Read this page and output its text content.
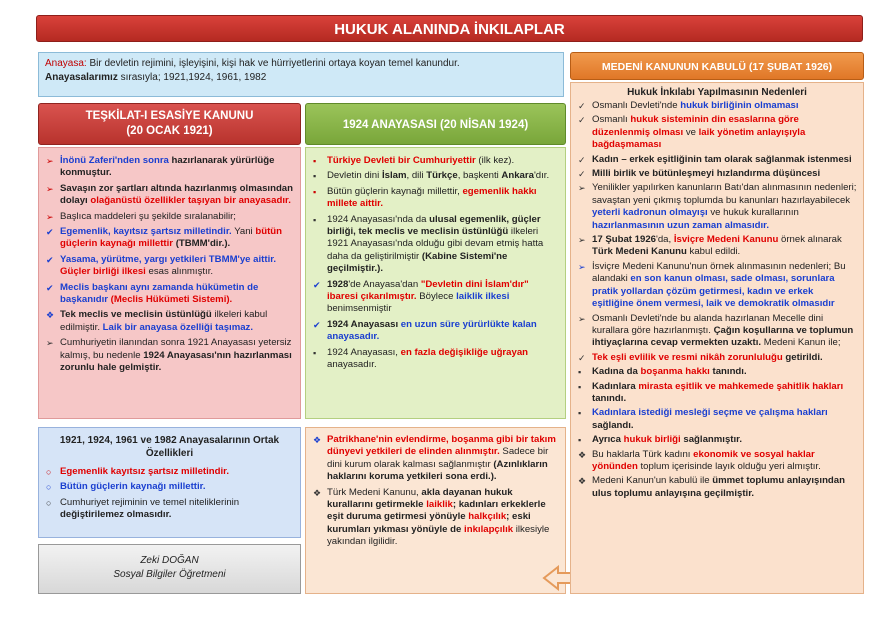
HUKUK ALANINDA İNKILAPLAR
Anayasa: Bir devletin rejimini, işleyişini, kişi hak ve hürriyetlerini ortaya koyan temel kanundur.
Anayasalarımız sırasıyla; 1921,1924, 1961, 1982
TEŞKİLAT-I ESASİYE KANUNU
(20 OCAK 1921)
➢ İnönü Zaferi'nden sonra hazırlanarak yürürlüğe konmuştur.
➢ Savaşın zor şartları altında hazırlanmış olmasından dolayı olağanüstü özellikler taşıyan bir anayasadır.
➢ Başlıca maddeleri şu şekilde sıralanabilir;
✔ Egemenlik, kayıtsız şartsız milletindir. Yani bütün güçlerin kaynağı millettir (TBMM'dir.).
✔ Yasama, yürütme, yargı yetkileri TBMM'ye aittir. Güçler birliği ilkesi esas alınmıştır.
✔ Meclis başkanı aynı zamanda hükümetin de başkanıdır (Meclis Hükümeti Sistemi).
❖ Tek meclis ve meclisin üstünlüğü ilkeleri kabul edilmiştir. Laik bir anayasa özelliği taşımaz.
➢ Cumhuriyetin ilanından sonra 1921 Anayasası yetersiz kalmış, bu nedenle 1924 Anayasası'nın hazırlanması zorunlu hale gelmiştir.
1924 ANAYASASI (20 NİSAN 1924)
▪	Türkiye Devleti bir Cumhuriyettir (ilk kez).
▪	Devletin dini İslam, dili Türkçe, başkenti Ankara'dır.
▪	Bütün güçlerin kaynağı millettir, egemenlik hakkı millete aittir.
▪	1924 Anayasası'nda da ulusal egemenlik, güçler birliği, tek meclis ve meclisin üstünlüğü ilkeleri 1921 Anayasası'nda olduğu gibi devam etmiş hatta daha da geliştirilmiştir (Kabine Sistemi'ne geçilmiştir.).
✔ 1928'de Anayasa'dan "Devletin dini İslam'dır" ibaresi çıkarılmıştır. Böylece laiklik ilkesi benimsenmiştir
✔ 1924 Anayasası en uzun süre yürürlükte kalan anayasadır.
▪	1924 Anayasası, en fazla değişikliğe uğrayan anayasadır.
1921, 1924, 1961 ve 1982 Anayasalarının Ortak Özellikleri
○ Egemenlik kayıtsız şartsız milletindir.
○ Bütün güçlerin kaynağı millettir.
○ Cumhuriyet rejiminin ve temel niteliklerinin değiştirilemez olmasıdır.
❖ Patrikhane'nin evlendirme, boşanma gibi bir takım dünyevi yetkileri de elinden alınmıştır. Sadece bir dini kurum olarak kalması sağlanmıştır (Azınlıkların haklarını koruma yetkileri sona erdi.).
❖ Türk Medeni Kanunu, akla dayanan hukuk kurallarını getirmekle laiklik; kadınları erkeklerle eşit duruma getirmesi yönüyle halkçılık; eski kurumları yıkması yönüyle de inkılapçılık ilkesiyle yakından ilgilidir.
Zeki DOĞAN
Sosyal Bilgiler Öğretmeni
MEDENİ KANUNUN KABULÜ (17 ŞUBAT 1926)
Hukuk İnkılabı Yapılmasının Nedenleri
✓ Osmanlı Devleti'nde hukuk birliğinin olmaması
✓ Osmanlı hukuk sisteminin din esaslarına göre düzenlenmiş olması ve laik yönetim anlayışıyla bağdaşmaması
✓ Kadın – erkek eşitliğinin tam olarak sağlanmak istenmesi
✓ Milli birlik ve bütünleşmeyi hızlandırma düşüncesi
➢ Yenilikler yapılırken kanunların Batı'dan alınmasının nedenleri; savaştan yeni çıkmış toplumda bu kanunları hazırlayabilecek yeterli kadronun olmayışı ve hukuk kurallarının hazırlanmasının uzun zaman almasıdır.
➢ 17 Şubat 1926'da, İsviçre Medeni Kanunu örnek alınarak Türk Medeni Kanunu kabul edildi.
➢ İsviçre Medeni Kanunu'nun örnek alınmasının nedenleri; Bu alandaki en son kanun olması, sade olması, sorunlara pratik yollardan çözüm getirmesi, kadın ve erkek eşitliğine önem vermesi, laik ve demokratik olmasıdır
➢ Osmanlı Devleti'nde bu alanda hazırlanan Mecelle dini kurallara göre hazırlanmıştı. Çağın koşullarına ve toplumun ihtiyaçlarına cevap vermekten uzaktı. Medeni Kanun ile;
✓ Tek eşli evlilik ve resmi nikâh zorunluluğu getirildi.
▪	Kadına da boşanma hakkı tanındı.
▪	Kadınlara mirasta eşitlik ve mahkemede şahitlik hakları tanındı.
▪	Kadınlara istediği mesleği seçme ve çalışma hakları sağlandı.
▪	Ayrıca hukuk birliği sağlanmıştır.
❖ Bu haklarla Türk kadını ekonomik ve sosyal haklar yönünden toplum içerisinde layık olduğu yeri almıştır.
❖ Medeni Kanun'un kabulü ile ümmet toplumu anlayışından ulus toplumu anlayışına geçilmiştir.
